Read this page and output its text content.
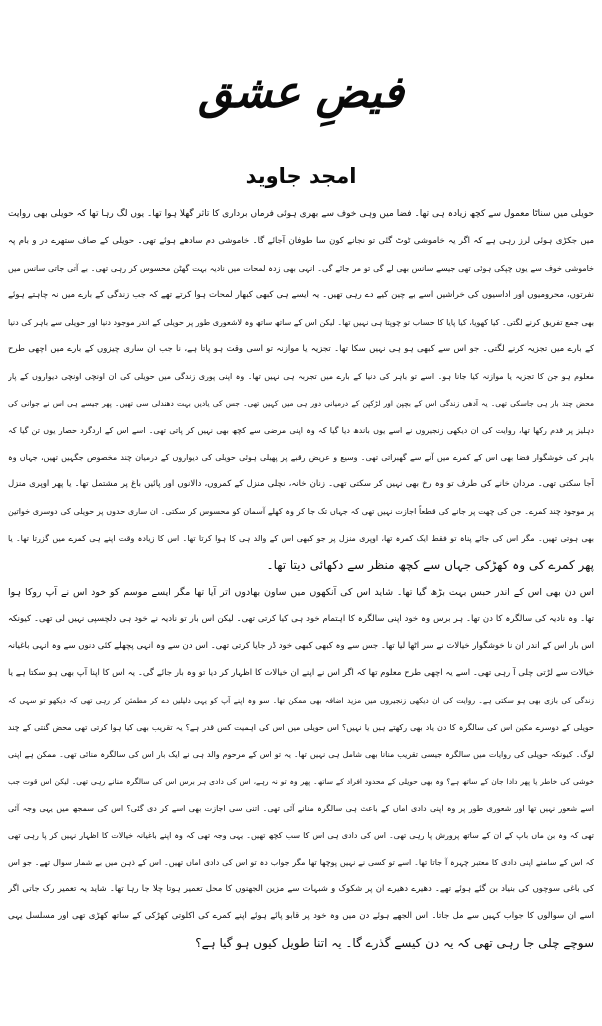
فیضِ عشق
امجد جاوید
حویلی میں سناٹا معمول سے کچھ زیادہ ہی تھا۔ فضا میں وہی خوف سے بھری ہوئی فرماں برداری کا تاثر گھلا ہوا تھا۔ یوں لگ رہا تھا کہ حویلی بھی روایت
میں جکڑی ہوئی لرز رہی ہے کہ اگر یہ خاموشی ٹوٹ گئی تو نجانے کون سا طوفان آجائے گا۔ خاموشی دم سادھے ہوئے تھی۔ حویلی کے صاف ستھرے در و بام پہ
خاموشی خوف سے یوں چپکی ہوئی تھی جیسے سانس بھی لے گی تو مر جائے گی۔ انہی بھی زدہ لمحات میں نادیہ بہت گھٹن محسوس کر رہی تھی۔ بے آتی جاتی سانس میں
نفرتوں، محرومیوں اور اداسیوں کی خراشیں اسے بے چین کیے دے رہی تھیں۔ یہ ایسے ہی کبھی کبھار لمحات ہوا کرتے تھے کہ جب زندگی کے بارے میں نہ چاہتے ہوئے
بھی جمع تفریق کرنے لگتی۔ کیا کھویا، کیا پایا کا حساب تو چوپتا ہی نہیں تھا۔ لیکن اس کے ساتھ ساتھ وہ لاشعوری طور پر حویلی کے اندر موجود دنیا اور حویلی سے باہر کی دنیا
کے بارے میں تجزیہ کرنے لگتی۔ جو اس سے کبھی ہو ہی نہیں سکا تھا۔ تجزیہ یا موازنہ تو اسی وقت ہو پاتا ہے، نا جب ان ساری چیزوں کے بارے میں اچھی طرح
معلوم ہو جن کا تجزیہ یا موازنہ کیا جانا ہو۔ اسے تو باہر کی دنیا کے بارے میں تجربہ ہی نہیں تھا۔ وہ اپنی پوری زندگی میں حویلی کی ان اونچی اونچی دیواروں کے پار
محض چند بار ہی جاسکی تھی۔ یہ آدھی زندگی اس کے بچپن اور لڑکپن کے درمیانی دور ہی میں کہیں تھی۔ جس کی یادیں بہت دھندلی سی تھیں۔ پھر جیسے ہی اس نے جوانی کی
دہلیز پر قدم رکھا تھا، روایت کی ان دیکھی زنجیروں نے اسے یوں باندھ دیا گیا کہ وہ اپنی مرضی سے کچھ بھی نہیں کر پاتی تھی۔ اسے اس کے اردگرد حصار یوں تن گیا کہ
باہر کی خوشگوار فضا بھی اس کے کمرے میں آنے سے گھبراتی تھی۔ وسیع و عریض رقبے پر پھیلی ہوئی حویلی کی دیواروں کے درمیان چند مخصوص جگہیں تھیں، جہاں وہ
آجا سکتی تھی۔ مردان خانے کی طرف تو وہ رخ بھی نہیں کر سکتی تھی۔ زنان خانہ، نچلی منزل کے کمروں، دالانوں اور پائیں باغ پر مشتمل تھا۔ یا پھر اوپری منزل
پر موجود چند کمرے۔ جن کی چھت پر جانے کی قطعاً اجازت نہیں تھی کہ جہاں تک جا کر وہ کھلے آسمان کو محسوس کر سکتی۔ ان ساری حدوں پر حویلی کی دوسری خواتین
بھی ہوتی تھیں۔ مگر اس کی جائے پناہ تو فقط ایک کمرہ تھا، اوپری منزل پر جو کبھی اس کے والد ہی کا ہوا کرتا تھا۔ اس کا زیادہ وقت اپنے ہی کمرے میں گزرتا تھا۔ یا
پھر کمرے کی وہ کھڑکی جہاں سے کچھ منظر سے دکھائی دیتا تھا۔
اس دن بھی اس کے اندر حبس بہت بڑھ گیا تھا۔ شاید اس کی آنکھوں میں ساون بھادوں اتر آیا تھا مگر ایسے موسم کو خود اس نے آپ روکا ہوا
تھا۔ وہ نادیہ کی سالگرہ کا دن تھا۔ ہر برس وہ خود اپنی سالگرہ کا اہتمام خود ہی کیا کرتی تھی۔ لیکن اس بار تو نادیہ نے خود ہی دلچسپی نہیں لی تھی۔ کیونکہ
اس بار اس کے اندر ان نا خوشگوار خیالات نے سر اٹھا لیا تھا۔ جس سے وہ کبھی کبھی خود ڈر جایا کرتی تھی۔ اس دن سے وہ انہی پچھلے کئی دنوں سے وہ انہی باغیانہ
خیالات سے لڑتی چلی آ رہی تھی۔ اسے یہ اچھی طرح معلوم تھا کہ اگر اس نے اپنے ان خیالات کا اظہار کر دیا تو وہ بار جائے گی۔ یہ اس کا اپنا آپ بھی ہو سکتا ہے یا
زندگی کی بازی بھی ہو سکتی ہے۔ روایت کی ان دیکھی زنجیروں میں مزید اضافہ بھی ممکن تھا۔ سو وہ اپنے آپ کو یہی دلیلیں دے کر مطمئن کر رہی تھی کہ دیکھو تو سہی کہ
حویلی کے دوسرے مکین اس کی سالگرہ کا دن یاد بھی رکھتے ہیں یا نہیں؟ اس حویلی میں اس کی اہمیت کس قدر ہے؟ یہ تقریب بھی کیا ہوا کرتی تھی محض گنتی کے چند
لوگ۔ کیونکہ حویلی کی روایات میں سالگرہ جیسی تقریب منانا بھی شامل ہی نہیں تھا۔ یہ تو اس کے مرحوم والد ہی نے ایک بار اس کی سالگرہ منائی تھی۔ ممکن ہے اپنی
خوشی کی خاطر یا پھر دادا جان کے ساتھ ہے؟ وہ بھی حویلی کے محدود افراد کے ساتھ۔ پھر وہ تو نہ رہے، اس کی دادی ہر برس اس کی سالگرہ منانے رہی تھی۔ لیکن اس قوت جب
اسے شعور نہیں تھا اور شعوری طور پر وہ اپنی دادی اماں کے باعث ہی سالگرہ منانے آئی تھی۔ اتنی سی اجازت بھی اسے کر دی گئی؟ اس کی سمجھ میں یہی وجہ آئی
تھی کہ وہ بن ماں باپ کے ان کے ساتھ پرورش پا رہی تھی۔ اس کی دادی ہی اس کا سب کچھ تھیں۔ یہی وجہ تھی کہ وہ اپنے باغیانہ خیالات کا اظہار نہیں کر پا رہی تھی
کہ اس کے سامنے اپنی دادی کا معتبر چہرہ آ جاتا تھا۔ اسے تو کسی نے نہیں پوچھا تھا مگر جواب دہ تو اس کی دادی اماں تھیں۔ اس کے ذہن میں بے شمار سوال تھے۔ جو اس
کی باغی سوچوں کی بنیاد بن گئے ہوئے تھے۔ دھیرے دھیرے ان پر شکوک و شبہات سے مزین الجھنوں کا محل تعمیر ہوتا چلا جا رہا تھا۔ شاید یہ تعمیر رک جاتی اگر
اسے ان سوالوں کا جواب کہیں سے مل جاتا۔ اس الجھے ہوئے دن میں وہ خود پر قابو پائے ہوئے اپنے کمرے کی اکلوتی کھڑکی کے ساتھ کھڑی تھی اور مسلسل یہی
سوچے چلی جا رہی تھی کہ یہ دن کیسے گذرے گا۔ یہ اتنا طویل کیوں ہو گیا ہے؟
